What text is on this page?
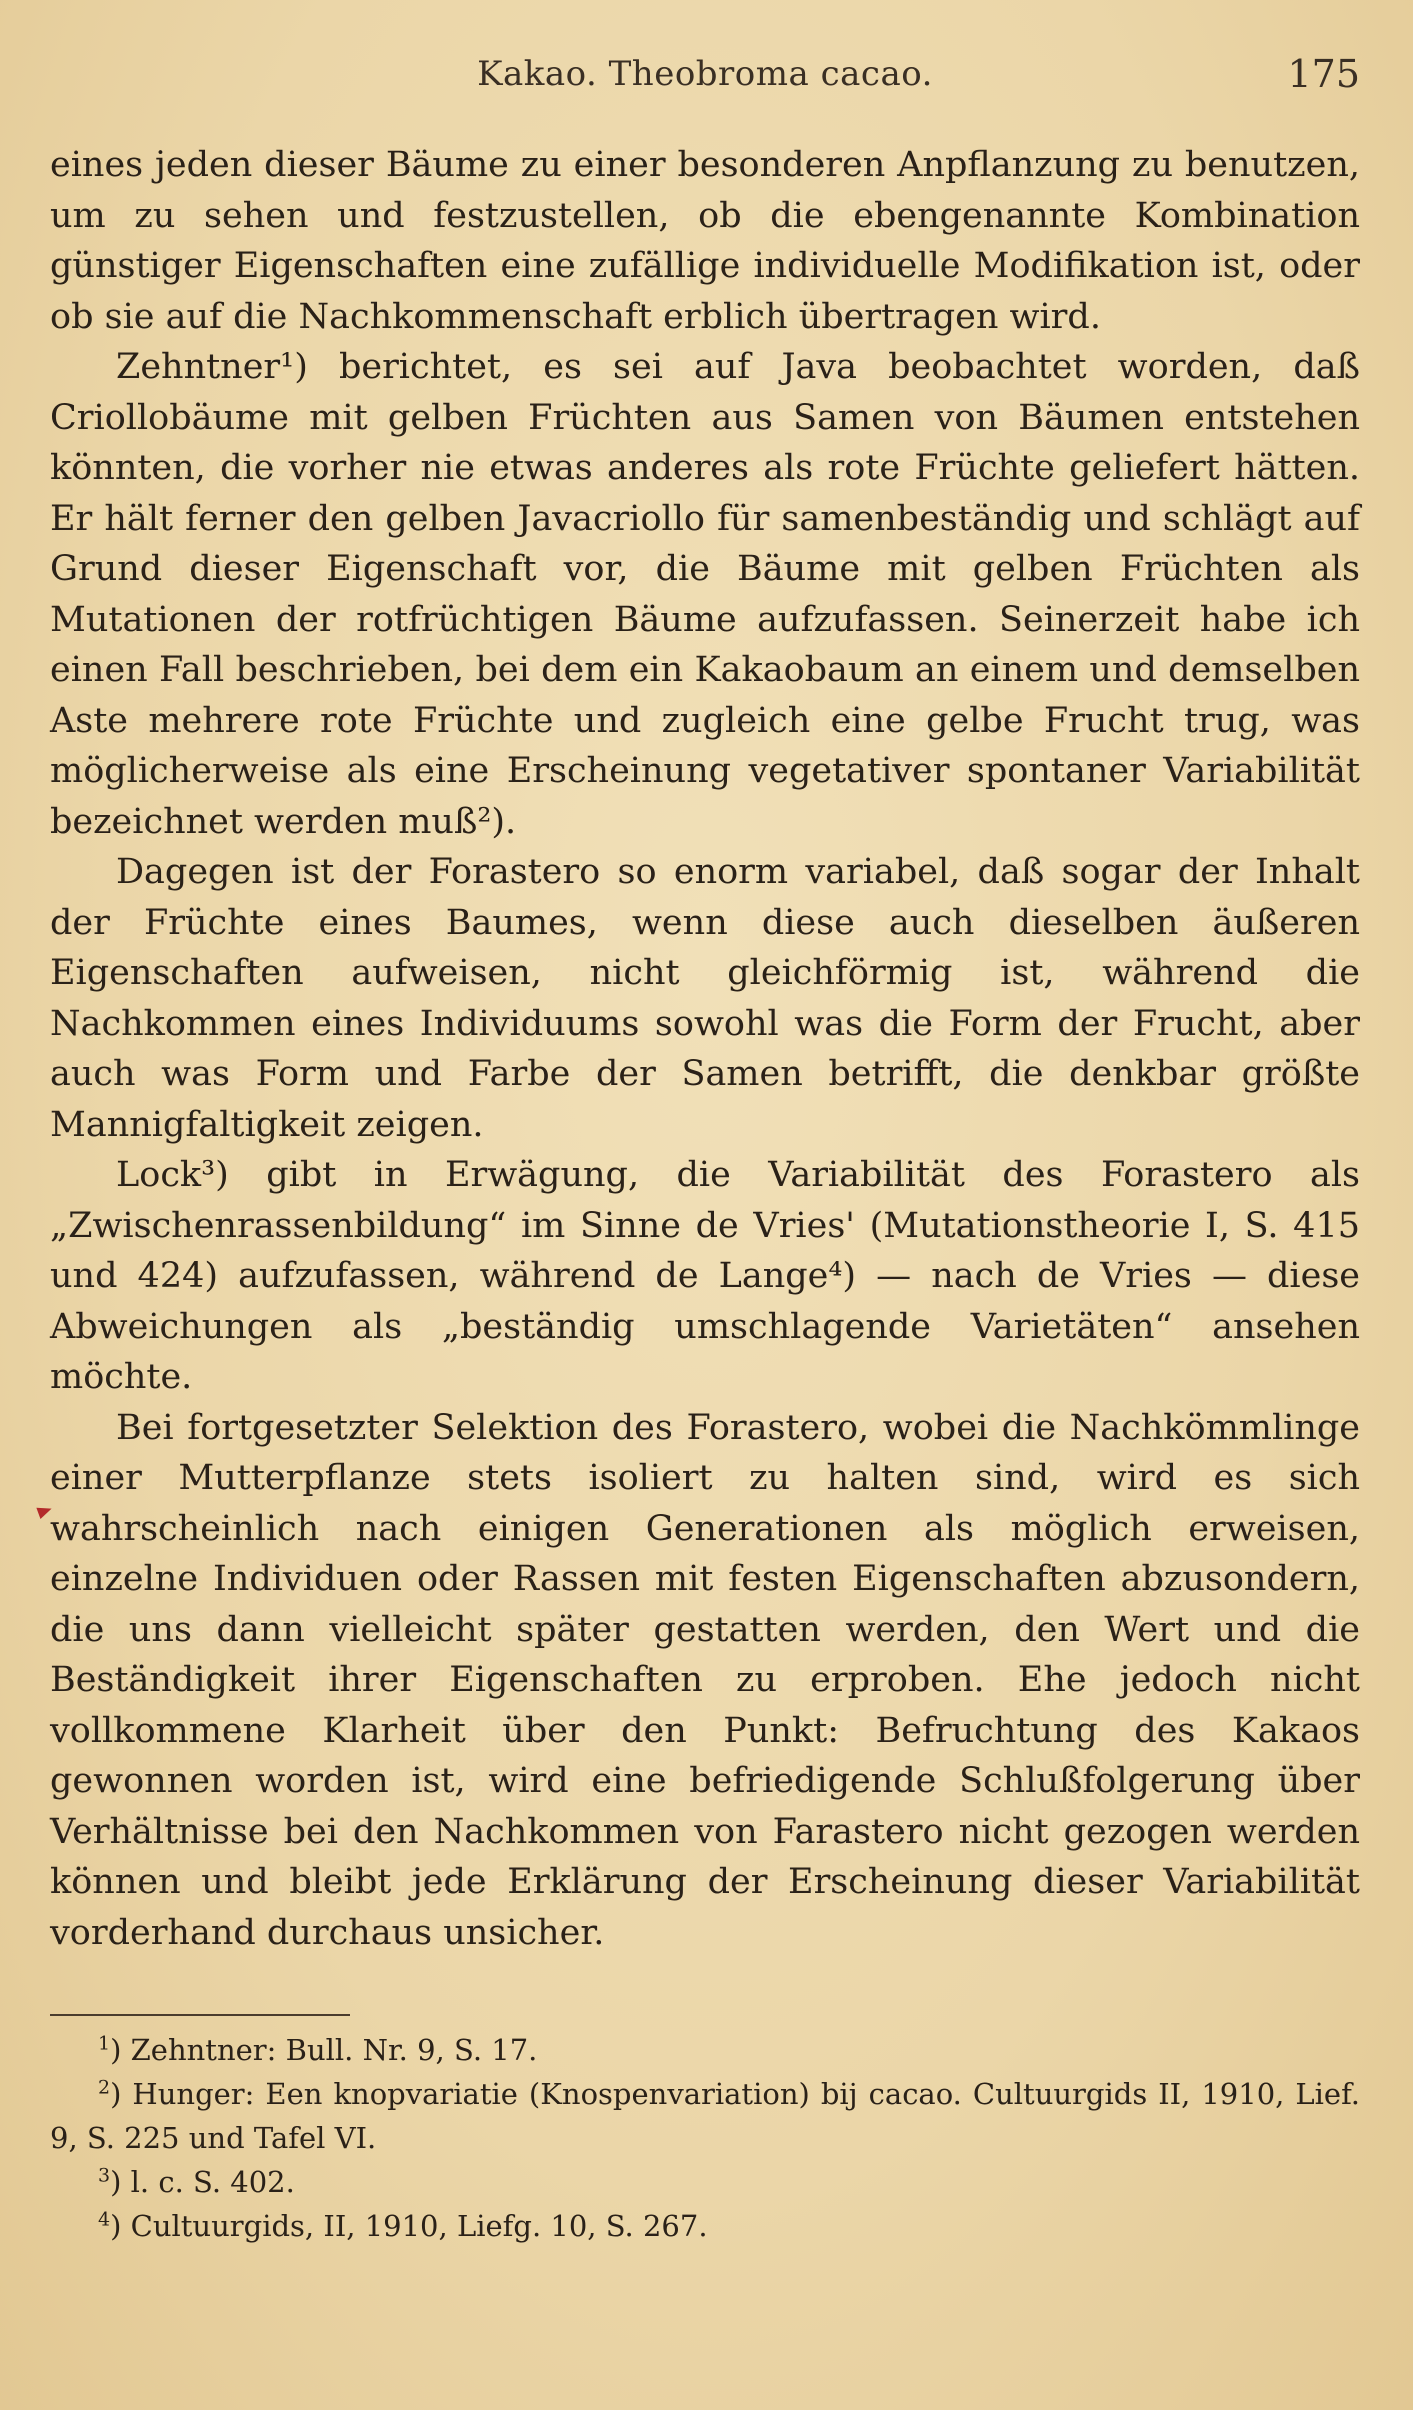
Kakao. Theobroma cacao.	175

eines jeden dieser Bäume zu einer besonderen Anpflanzung zu benutzen, um zu sehen und festzustellen, ob die ebengenannte Kombination günstiger Eigenschaften eine zufällige individuelle Modifikation ist, oder ob sie auf die Nachkommenschaft erblich übertragen wird.

Zehntner¹) berichtet, es sei auf Java beobachtet worden, daß Criollobäume mit gelben Früchten aus Samen von Bäumen entstehen könnten, die vorher nie etwas anderes als rote Früchte geliefert hätten. Er hält ferner den gelben Javacriollo für samenbeständig und schlägt auf Grund dieser Eigenschaft vor, die Bäume mit gelben Früchten als Mutationen der rotfrüchtigen Bäume aufzufassen. Seinerzeit habe ich einen Fall beschrieben, bei dem ein Kakaobaum an einem und demselben Aste mehrere rote Früchte und zugleich eine gelbe Frucht trug, was möglicherweise als eine Erscheinung vegetativer spontaner Variabilität bezeichnet werden muß²).

Dagegen ist der Forastero so enorm variabel, daß sogar der Inhalt der Früchte eines Baumes, wenn diese auch dieselben äußeren Eigenschaften aufweisen, nicht gleichförmig ist, während die Nachkommen eines Individuums sowohl was die Form der Frucht, aber auch was Form und Farbe der Samen betrifft, die denkbar größte Mannigfaltigkeit zeigen.

Lock³) gibt in Erwägung, die Variabilität des Forastero als „Zwischenrassenbildung“ im Sinne de Vries' (Mutationstheorie I, S. 415 und 424) aufzufassen, während de Lange⁴) — nach de Vries — diese Abweichungen als „beständig umschlagende Varietäten“ ansehen möchte.

Bei fortgesetzter Selektion des Forastero, wobei die Nachkömmlinge einer Mutterpflanze stets isoliert zu halten sind, wird es sich wahrscheinlich nach einigen Generationen als möglich erweisen, einzelne Individuen oder Rassen mit festen Eigenschaften abzusondern, die uns dann vielleicht später gestatten werden, den Wert und die Beständigkeit ihrer Eigenschaften zu erproben. Ehe jedoch nicht vollkommene Klarheit über den Punkt: Befruchtung des Kakaos gewonnen worden ist, wird eine befriedigende Schlußfolgerung über Verhältnisse bei den Nachkommen von Farastero nicht gezogen werden können und bleibt jede Erklärung der Erscheinung dieser Variabilität vorderhand durchaus unsicher.

$^1$) Zehntner: Bull. Nr. 9, S. 17.

$^2$) Hunger: Een knopvariatie (Knospenvariation) bij cacao. Cultuurgids II, 1910, Lief. 9, S. 225 und Tafel VI.

$^3$) l. c. S. 402.

$^4$) Cultuurgids, II, 1910, Liefg. 10, S. 267.
